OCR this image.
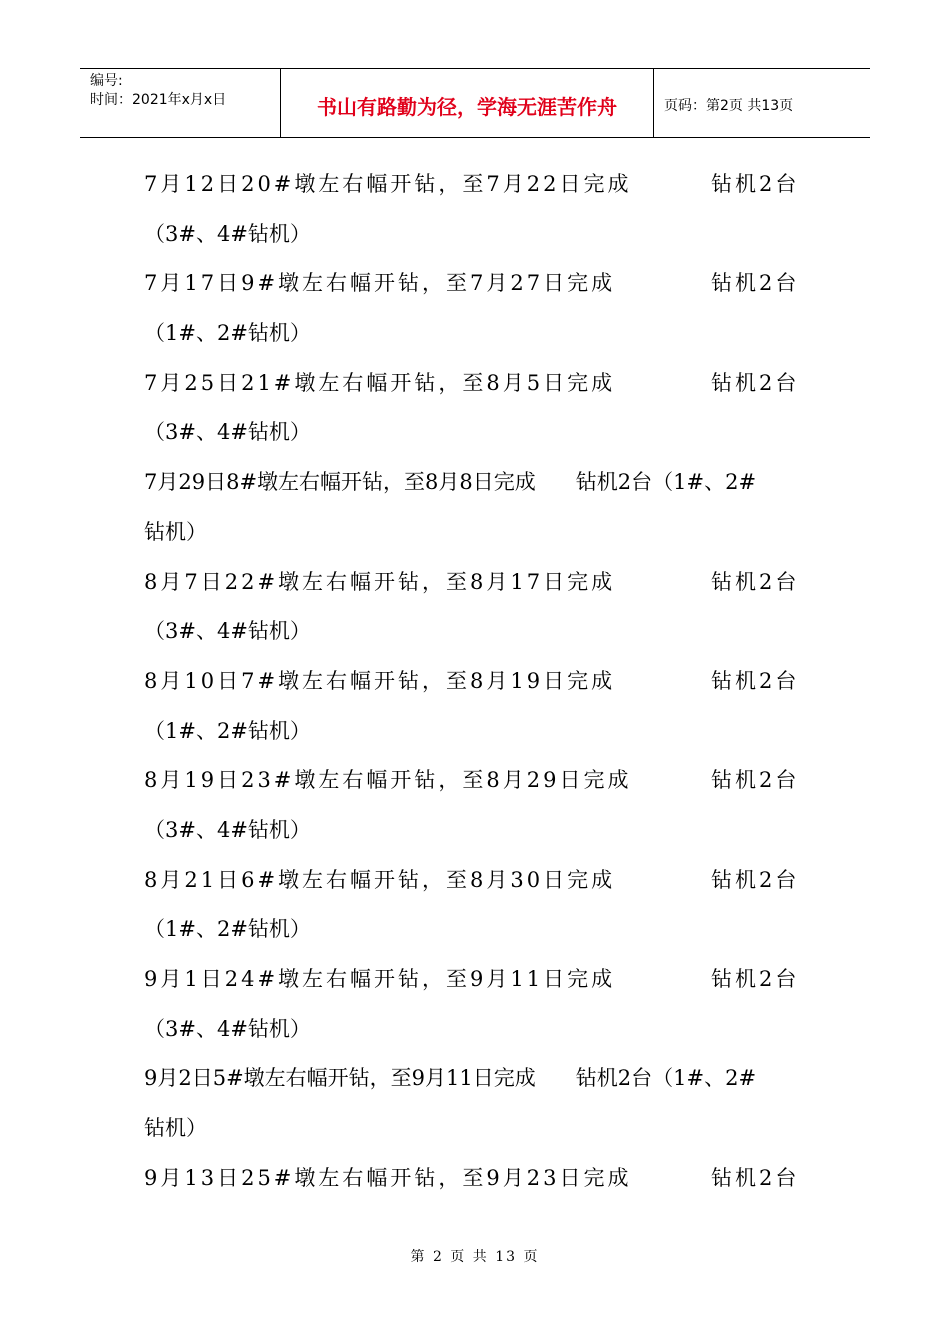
编号:
时间：2021年x月x日	书山有路勤为径，学海无涯苦作舟	页码：第2页 共13页
7月12日20#墩左右幅开钻，至7月22日完成	钻机2台
（3#、4#钻机）
7月17日9#墩左右幅开钻，至7月27日完成	钻机2台
（1#、2#钻机）
7月25日21#墩左右幅开钻，至8月5日完成	钻机2台
（3#、4#钻机）
7月29日8#墩左右幅开钻，至8月8日完成      钻机2台（1#、2#
钻机）
8月7日22#墩左右幅开钻，至8月17日完成	钻机2台
（3#、4#钻机）
8月10日7#墩左右幅开钻，至8月19日完成	钻机2台
（1#、2#钻机）
8月19日23#墩左右幅开钻，至8月29日完成	钻机2台
（3#、4#钻机）
8月21日6#墩左右幅开钻，至8月30日完成	钻机2台
（1#、2#钻机）
9月1日24#墩左右幅开钻，至9月11日完成	钻机2台
（3#、4#钻机）
9月2日5#墩左右幅开钻，至9月11日完成      钻机2台（1#、2#
钻机）
9月13日25#墩左右幅开钻，至9月23日完成	钻机2台
第 2 页 共 13 页
